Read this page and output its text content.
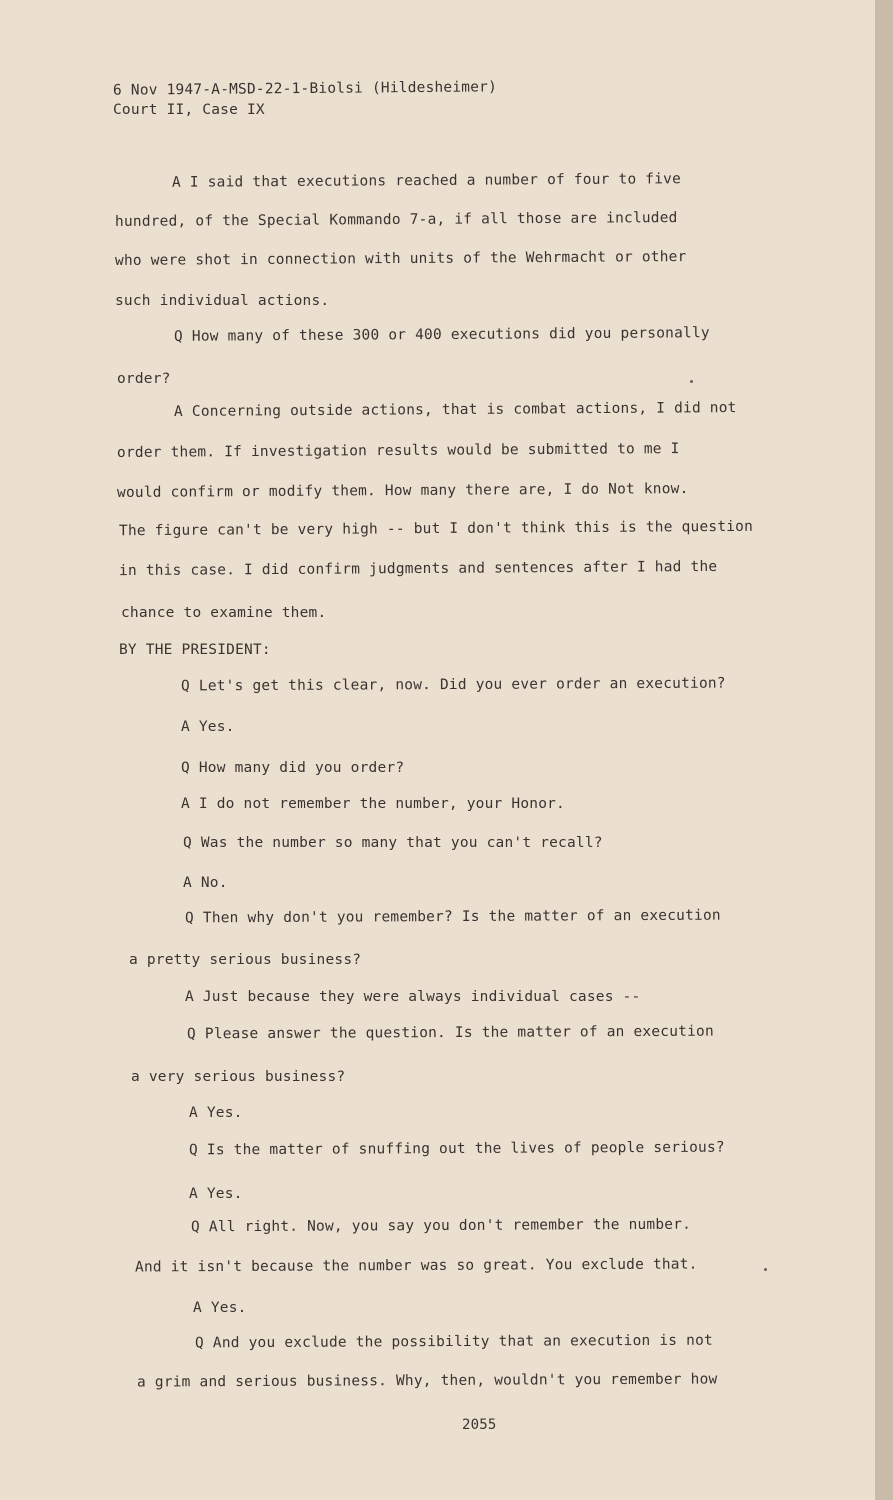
6 Nov 1947-A-MSD-22-1-Biolsi (Hildesheimer)

Court II, Case IX

A I said that executions reached a number of four to five

hundred, of the Special Kommando 7-a, if all those are included

who were shot in connection with units of the Wehrmacht or other

such individual actions.

Q How many of these 300 or 400 executions did you personally

order?

A Concerning outside actions, that is combat actions, I did not

order them. If investigation results would be submitted to me I

would confirm or modify them. How many there are, I do Not know.

The figure can't be very high -- but I don't think this is the question

in this case. I did confirm judgments and sentences after I had the

chance to examine them.

BY THE PRESIDENT:

Q Let's get this clear, now. Did you ever order an execution?

A Yes.

Q How many did you order?

A I do not remember the number, your Honor.

Q Was the number so many that you can't recall?

A No.

Q Then why don't you remember? Is the matter of an execution

a pretty serious business?

A Just because they were always individual cases --

Q Please answer the question. Is the matter of an execution

a very serious business?

A Yes.

Q Is the matter of snuffing out the lives of people serious?

A Yes.

Q All right. Now, you say you don't remember the number.

And it isn't because the number was so great. You exclude that.

A Yes.

Q And you exclude the possibility that an execution is not

a grim and serious business. Why, then, wouldn't you remember how

2055
